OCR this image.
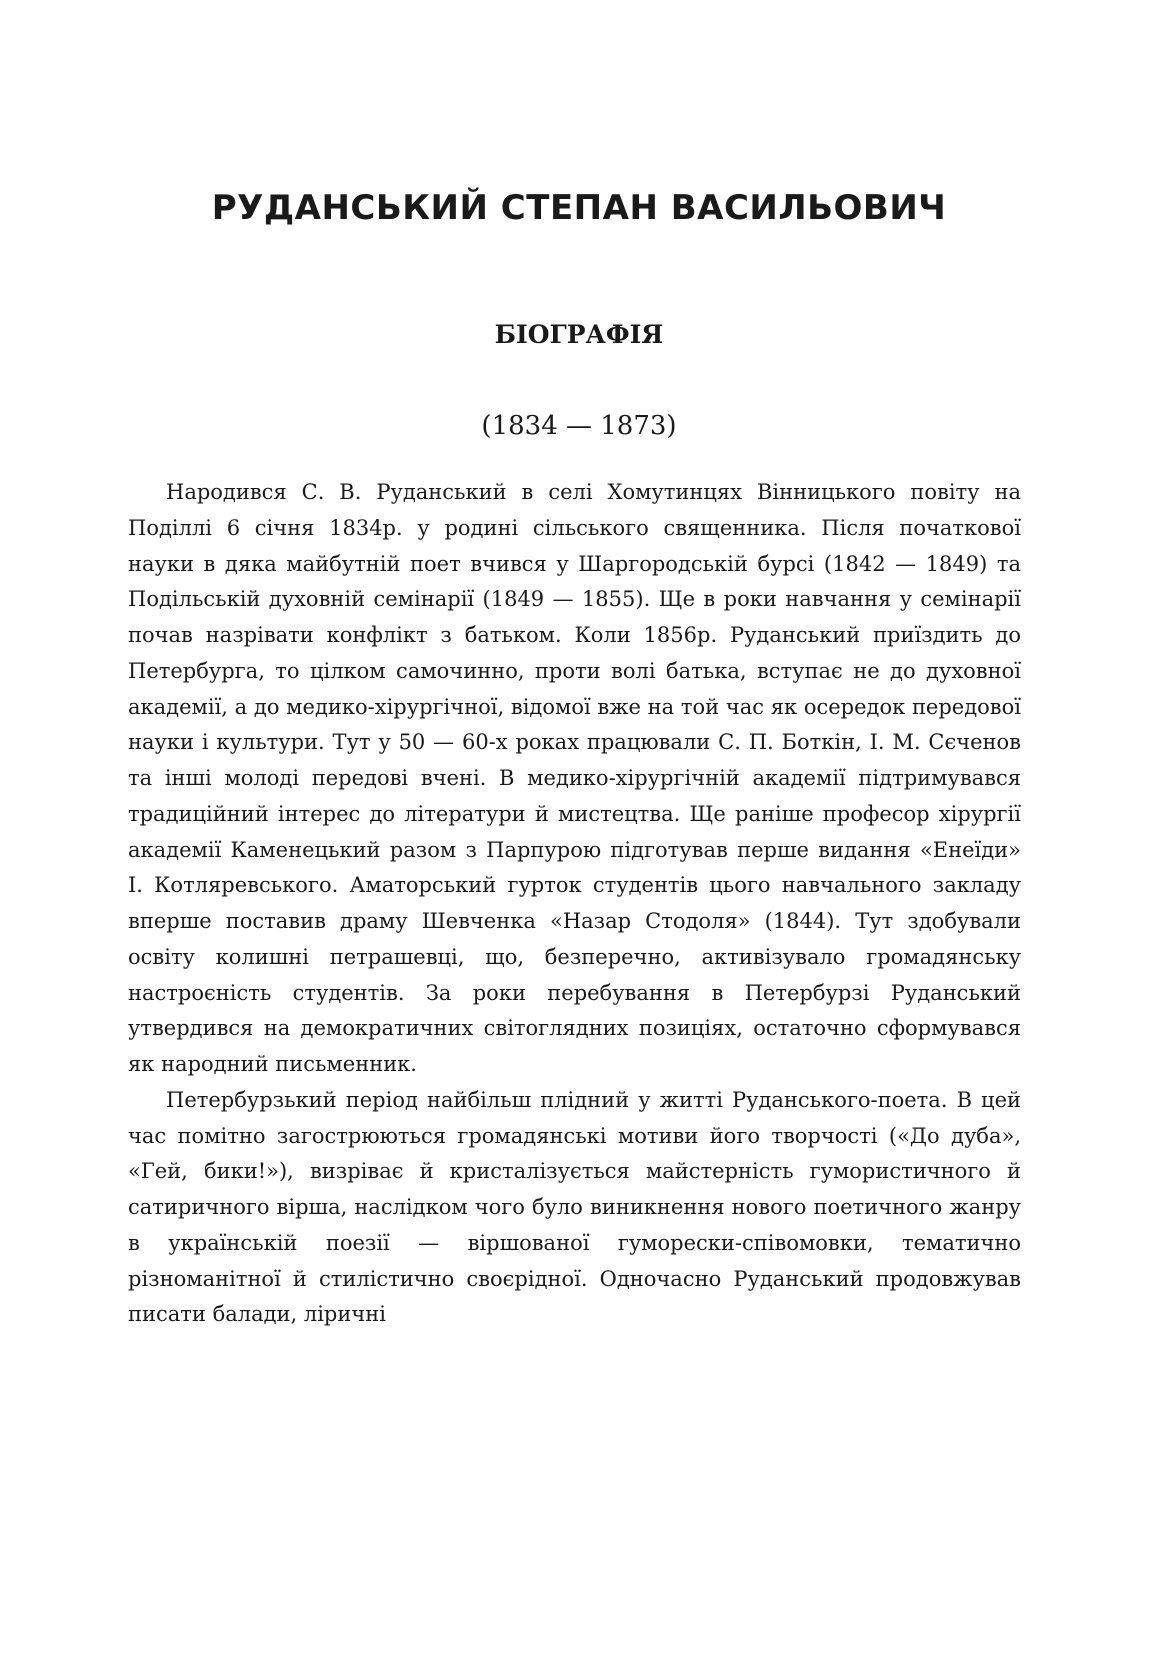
РУДАНСЬКИЙ СТЕПАН ВАСИЛЬОВИЧ
БІОГРАФІЯ
(1834 — 1873)

Народився С. В. Руданський в селі Хомутинцях Вінницького повіту на Поділлі 6 січня 1834р. у родині сільського священника. Після початкової науки в дяка майбутній поет вчився у Шаргородській бурсі (1842 — 1849) та Подільській духовній семінарії (1849 — 1855). Ще в роки навчання у семінарії почав назрівати конфлікт з батьком. Коли 1856р. Руданський приїздить до Петербурга, то цілком самочинно, проти волі батька, вступає не до духовної академії, а до медико-хірургічної, відомої вже на той час як осередок передової науки і культури. Тут у 50 — 60-х роках працювали С. П. Боткін, І. М. Сєченов та інші молоді передові вчені. В медико-хірургічній академії підтримувався традиційний інтерес до літератури й мистецтва. Ще раніше професор хірургії академії Каменецький разом з Парпурою підготував перше видання «Енеїди» І. Котляревського. Аматорський гурток студентів цього навчального закладу вперше поставив драму Шевченка «Назар Стодоля» (1844). Тут здобували освіту колишні петрашевці, що, безперечно, активізувало громадянську настроєність студентів. За роки перебування в Петербурзі Руданський утвердився на демократичних світоглядних позиціях, остаточно сформувався як народний письменник.

Петербурзький період найбільш плідний у житті Руданського-поета. В цей час помітно загострюються громадянські мотиви його творчості («До дуба», «Гей, бики!»), визріває й кристалізується майстерність гумористичного й сатиричного вірша, наслідком чого було виникнення нового поетичного жанру в українській поезії — віршованої гуморески-співомовки, тематично різноманітної й стилістично своєрідної. Одночасно Руданський продовжував писати балади, ліричні
